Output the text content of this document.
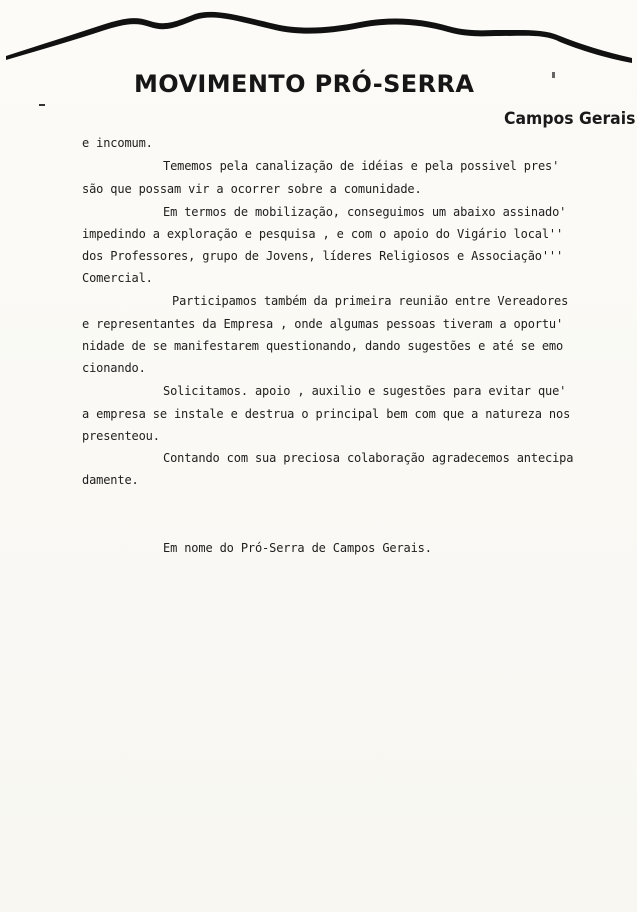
MOVIMENTO PRÓ-SERRA
Campos Gerais
e incomum.
Tememos pela canalização de idéias e pela possivel pres'
são que possam vir a ocorrer sobre a comunidade.
Em termos de mobilização, conseguimos um abaixo assinado'
impedindo a exploração e pesquisa , e com o apoio do Vigário local''
dos Professores, grupo de Jovens, líderes Religiosos e Associação'''
Comercial.
Participamos também da primeira reunião entre Vereadores
e representantes da Empresa , onde algumas pessoas tiveram a oportu'
nidade de se manifestarem questionando, dando sugestões e até se emo
cionando.
Solicitamos. apoio , auxilio e sugestões para evitar que'
a empresa se instale e destrua o principal bem com que a natureza nos
presenteou.
Contando com sua preciosa colaboração agradecemos antecipa
damente.
Em nome do Pró-Serra de Campos Gerais.
